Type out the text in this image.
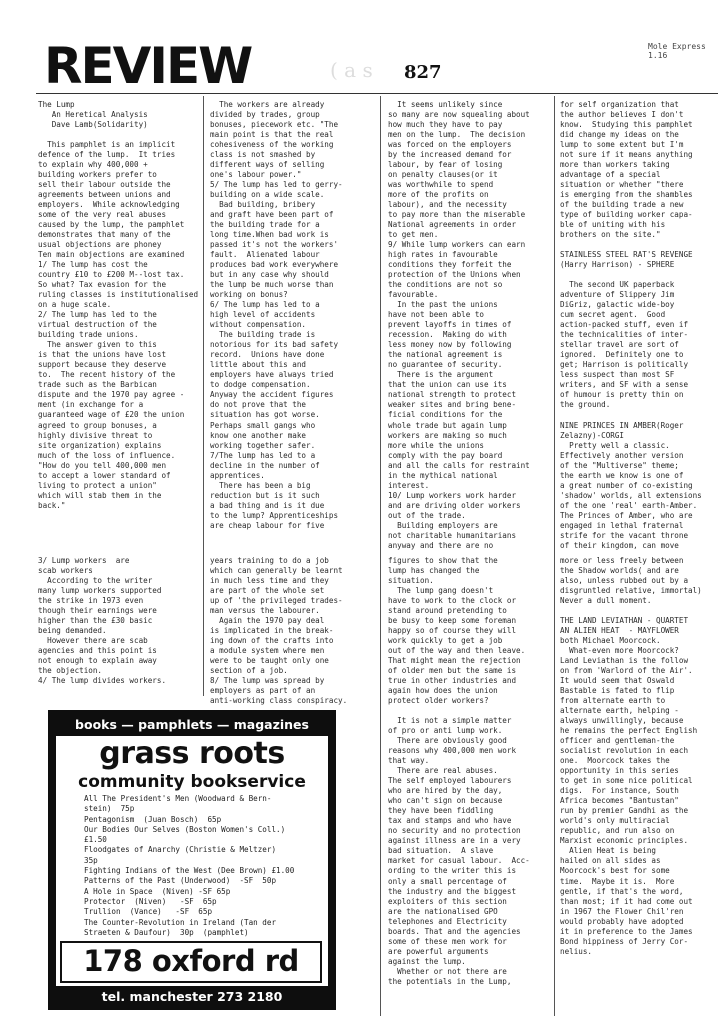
REVIEW	( a s 827
Mole Express 1.16
The Lump
An Heretical Analysis
Dave Lamb(Solidarity)
This pamphlet is an implicit
defence of the lump.  It tries
to explain why 400,000 +
building workers prefer to
sell their labour outside the
agreements between unions and
employers.  While acknowledging
some of the very real abuses
caused by the lump, the pamphlet
demonstrates that many of the
usual objections are phoney
Ten main objections are examined
1/ The lump has cost the
country £10 to £200 M--lost tax.
So what? Tax evasion for the
ruling classes is institutionalised
on a huge scale.
2/ The lump has led to the
virtual destruction of the
building trade unions.
The answer given to this
is that the unions have lost
support because they deserve
to.  The recent history of the
trade such as the Barbican
dispute and the 1970 pay agree -
ment (in exchange for a
guaranteed wage of £20 the union
agreed to group bonuses, a
highly divisive threat to
site organization) explains
much of the loss of influence.
"How do you tell 400,000 men
to accept a lower standard of
living to protect a union"
which will stab them in the
back."
3/ Lump workers  are
scab workers
According to the writer
many lump workers supported
the strike in 1973 even
though their earnings were
higher than the £30 basic
being demanded.
However there are scab
agencies and this point is
not enough to explain away
the objection.
4/ The lump divides workers.
The workers are already
divided by trades, group
bonuses, piecework etc. "The
main point is that the real
cohesiveness of the working
class is not smashed by
different ways of selling
one's labour power."
5/ The lump has led to gerry-
building on a wide scale.
Bad building, bribery
and graft have been part of
the building trade for a
long time.When bad work is
passed it's not the workers'
fault.  Alienated labour
produces bad work everywhere
but in any case why should
the lump be much worse than
working on bonus?
6/ The lump has led to a
high level of accidents
without compensation.
The building trade is
notorious for its bad safety
record.  Unions have done
little about this and
employers have always tried
to dodge compensation.
Anyway the accident figures
do not prove that the
situation has got worse.
Perhaps small gangs who
know one another make
working together safer.
7/The lump has led to a
decline in the number of
apprentices.
There has been a big
reduction but is it such
a bad thing and is it due
to the lump? Apprenticeships
are cheap labour for five
years training to do a job
which can generally be learnt
in much less time and they
are part of the whole set
up of 'the privileged trades-
man versus the labourer.
Again the 1970 pay deal
is implicated in the break-
ing down of the crafts into
a module system where men
were to be taught only one
section of a job.
8/ The lump was spread by
employers as part of an
anti-working class conspiracy.
It seems unlikely since
so many are now squealing about
how much they have to pay
men on the lump.  The decision
was forced on the employers
by the increased demand for
labour, by fear of losing
on penalty clauses(or it
was worthwhile to spend
more of the profits on
labour), and the necessity
to pay more than the miserable
National agreements in order
to get men.
9/ While lump workers can earn
high rates in favourable
conditions they forfeit the
protection of the Unions when
the conditions are not so
favourable.
In the past the unions
have not been able to
prevent layoffs in times of
recession.  Making do with
less money now by following
the national agreement is
no guarantee of security.
There is the argument
that the union can use its
national strength to protect
weaker sites and bring bene-
ficial conditions for the
whole trade but again lump
workers are making so much
more while the unions
comply with the pay board
and all the calls for restraint
in the mythical national
interest.
10/ Lump workers work harder
and are driving older workers
out of the trade.
Building employers are
not charitable humanitarians
anyway and there are no
figures to show that the
lump has changed the
situation.
The lump gang doesn't
have to work to the clock or
stand around pretending to
be busy to keep some foreman
happy so of course they will
work quickly to get a job
out of the way and then leave.
That might mean the rejection
of older men but the same is
true in other industries and
again how does the union
protect older workers?
It is not a simple matter
of pro or anti lump work.
There are obviously good
reasons why 400,000 men work
that way.
There are real abuses.
The self employed labourers
who are hired by the day,
who can't sign on because
they have been fiddling
tax and stamps and who have
no security and no protection
against illness are in a very
bad situation.  A slave
market for casual labour.  Acc-
ording to the writer this is
only a small percentage of
the industry and the biggest
exploiters of this section
are the nationalised GPO
telephones and Electricity
boards. That and the agencies
some of these men work for
are powerful arguments
against the lump.
Whether or not there are
the potentials in the Lump,
for self organization that
the author believes I don't
know.  Studying this pamphlet
did change my ideas on the
lump to some extent but I'm
not sure if it means anything
more than workers taking
advantage of a special
situation or whether "there
is emerging from the shambles
of the building trade a new
type of building worker capa-
ble of uniting with his
brothers on the site."
STAINLESS STEEL RAT'S REVENGE
(Harry Harrison) - SPHERE
The second UK paperback
adventure of Slippery Jim
DiGriz, galactic wide-boy
cum secret agent.  Good
action-packed stuff, even if
the technicalities of inter-
stellar travel are sort of
ignored.  Definitely one to
get; Harrison is politically
less suspect than most SF
writers, and SF with a sense
of humour is pretty thin on
the ground.
NINE PRINCES IN AMBER(Roger
Zelazny)-CORGI
Pretty well a classic.
Effectively another version
of the "Multiverse" theme;
the earth we know is one of
a great number of co-existing
'shadow' worlds, all extensions
of the one 'real' earth-Amber.
The Princes of Amber, who are
engaged in lethal fraternal
strife for the vacant throne
of their kingdom, can move
more or less freely between
the Shadow worlds( and are
also, unless rubbed out by a
disgruntled relative, immortal)
Never a dull moment.
THE LAND LEVIATHAN - QUARTET
AN ALIEN HEAT  - MAYFLOWER
both Michael Moorcock.
What-even more Moorcock?
Land Leviathan is the follow
on from 'Warlord of the Air'.
It would seem that Oswald
Bastable is fated to flip
from alternate earth to
alternate earth, helping -
always unwillingly, because
he remains the perfect English
officer and gentleman-the
socialist revolution in each
one.  Moorcock takes the
opportunity in this series
to get in some nice political
digs.  For instance, South
Africa becomes "Bantustan"
run by premier Gandhi as the
world's only multiracial
republic, and run also on
Marxist economic principles.
Alien Heat is being
hailed on all sides as
Moorcock's best for some
time.  Maybe it is.  More
gentle, if that's the word,
than most; if it had come out
in 1967 the Flower Chil'ren
would probably have adopted
it in preference to the James
Bond hippiness of Jerry Cor-
nelius.
books — pamphlets — magazines
grass roots
community bookservice
All The President's Men (Woodward & Bern-
stein)  75p
Pentagonism  (Juan Bosch)  65p
Our Bodies Our Selves (Boston Women's Coll.)
£1.50
Floodgates of Anarchy (Christie & Meltzer)
35p
Fighting Indians of the West (Dee Brown) £1.00
Patterns of the Past (Underwood)  -SF  50p
A Hole in Space  (Niven) -SF 65p
Protector  (Niven)   -SF  65p
Trullion  (Vance)   -SF  65p
The Counter-Revolution in Ireland (Tan der
Straeten & Daufour)  30p  (pamphlet)
178 oxford rd
tel. manchester 273 2180
